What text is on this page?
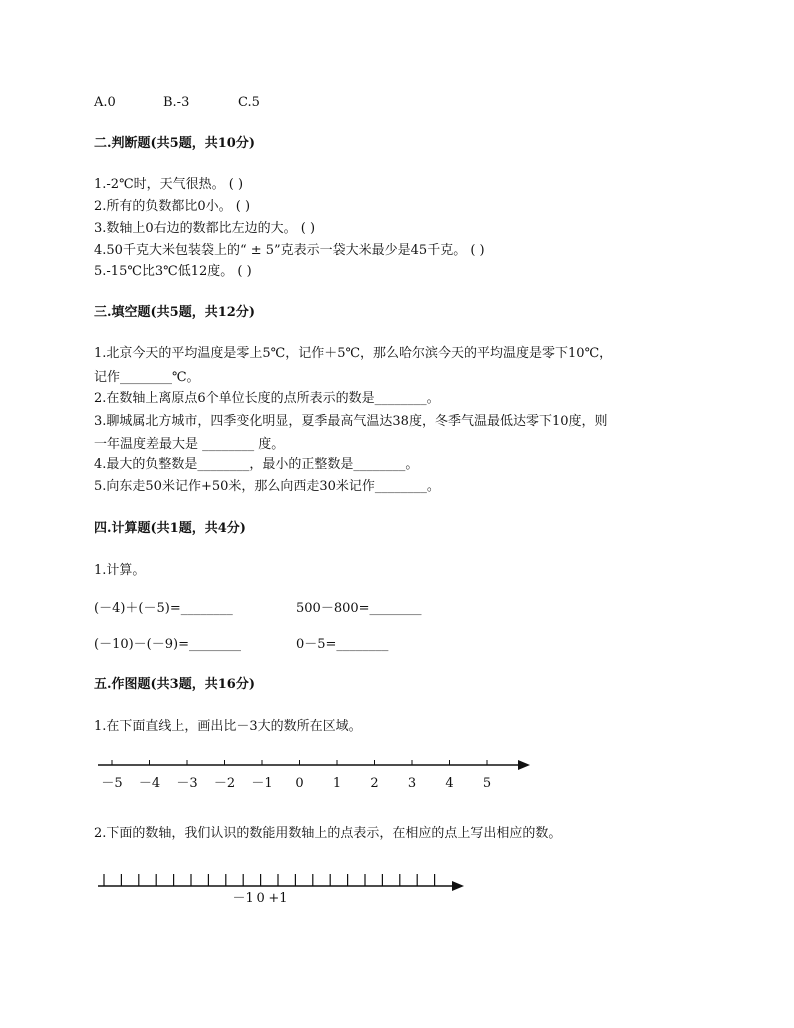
A.0	B.-3	C.5
二.判断题(共5题，共10分)
1.-2℃时，天气很热。 ( )
2.所有的负数都比0小。 ( )
3.数轴上0右边的数都比左边的大。 ( )
4.50千克大米包装袋上的“ ± 5”克表示一袋大米最少是45千克。 ( )
5.-15℃比3℃低12度。 ( )
三.填空题(共5题，共12分)
1.北京今天的平均温度是零上5℃，记作＋5℃，那么哈尔滨今天的平均温度是零下10℃，
记作________℃。
2.在数轴上离原点6个单位长度的点所表示的数是________。
3.聊城属北方城市，四季变化明显，夏季最高气温达38度，冬季气温最低达零下10度，则
一年温度差最大是 ________ 度。
4.最大的负整数是________，最小的正整数是________。
5.向东走50米记作+50米，那么向西走30米记作________。
四.计算题(共1题，共4分)
1.计算。
(－4)＋(－5)=________	500－800=________
(－10)－(－9)=________	0－5=________
五.作图题(共3题，共16分)
1.在下面直线上，画出比－3大的数所在区域。
－5 －4 －3 －2 －1 0 1 2 3 4 5
2.下面的数轴，我们认识的数能用数轴上的点表示，在相应的点上写出相应的数。
－1 0 +1
